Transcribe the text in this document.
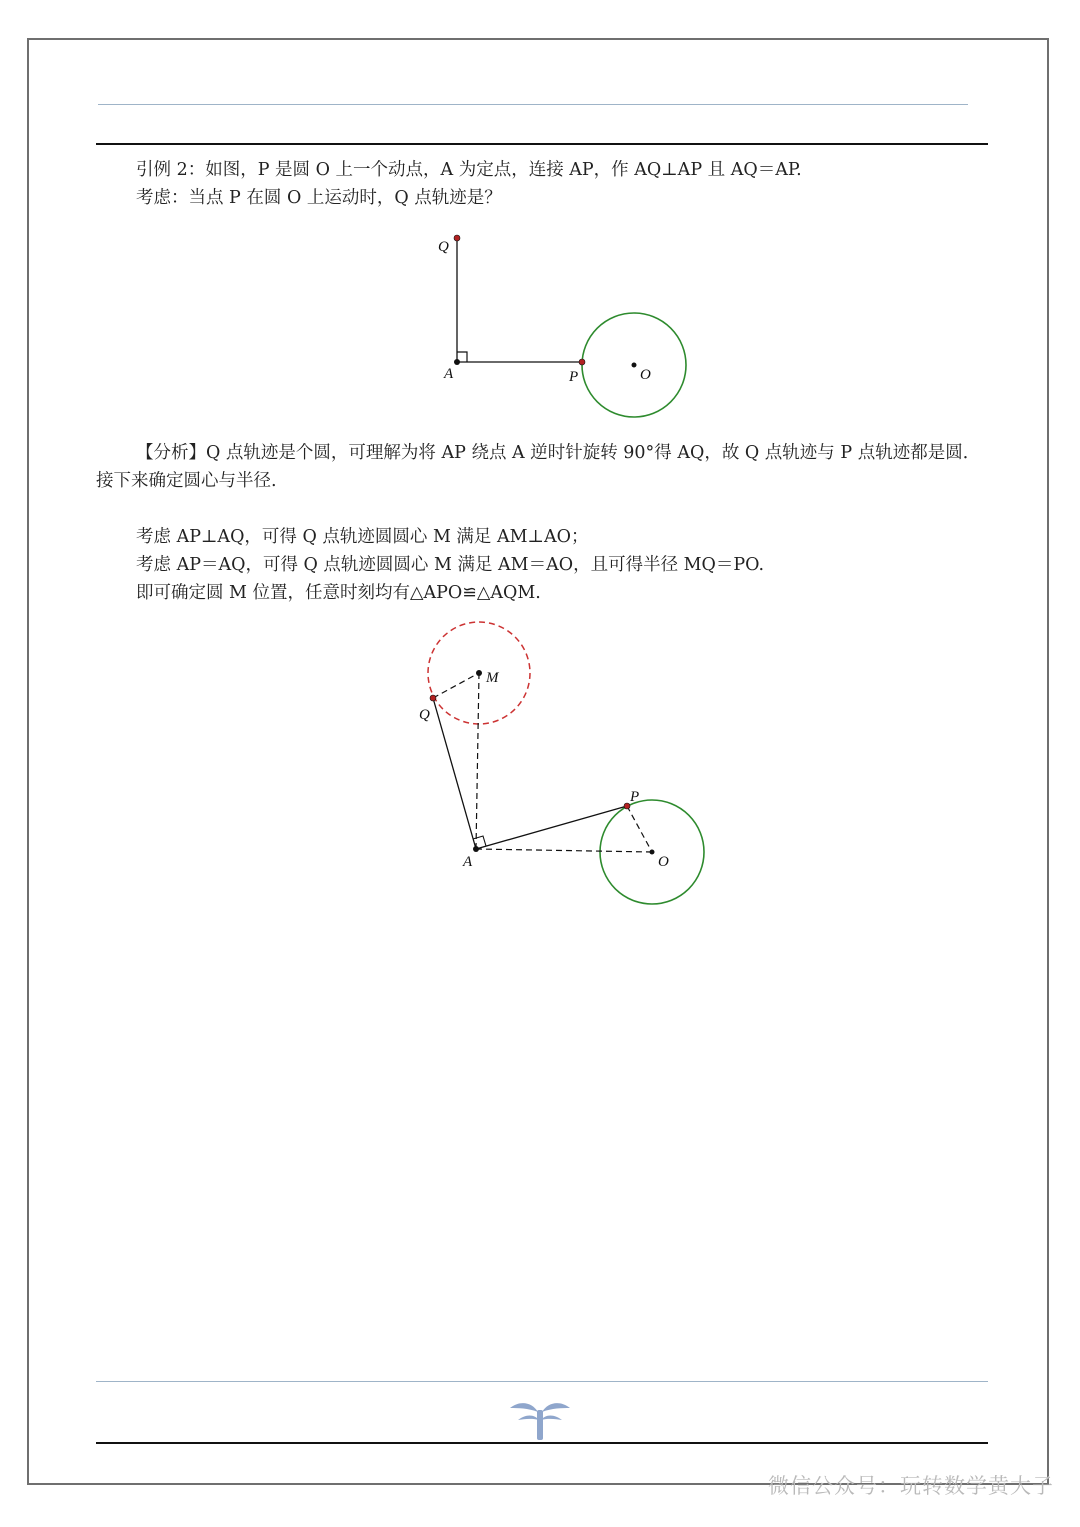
引例 2：如图，P 是圆 O 上一个动点，A 为定点，连接 AP，作 AQ⊥AP 且 AQ＝AP.

考虑：当点 P 在圆 O 上运动时，Q 点轨迹是？

Q
A	P	O

【分析】Q 点轨迹是个圆，可理解为将 AP 绕点 A 逆时针旋转 90°得 AQ，故 Q 点轨迹与 P 点轨迹都是圆．接下来确定圆心与半径.

考虑 AP⊥AQ，可得 Q 点轨迹圆圆心 M 满足 AM⊥AO；

考虑 AP＝AQ，可得 Q 点轨迹圆圆心 M 满足 AM＝AO，且可得半径 MQ＝PO.

即可确定圆 M 位置，任意时刻均有△APO≌△AQM.

M
Q
P
A	O
微信公众号：玩转数学黄大子
